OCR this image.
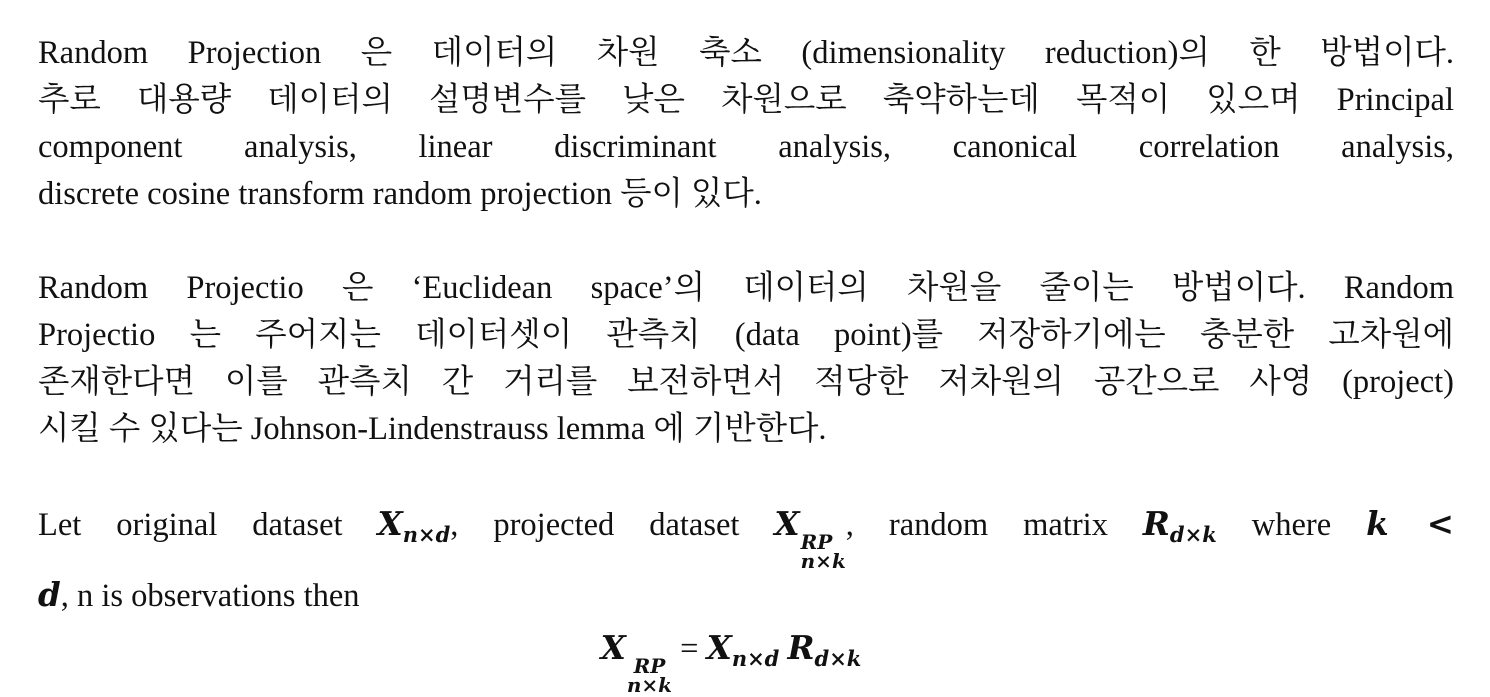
Random Projection 은 데이터의 차원 축소 (dimensionality reduction)의 한 방법이다.
추로 대용량 데이터의 설명변수를 낮은 차원으로 축약하는데 목적이 있으며 Principal
component analysis, linear discriminant analysis, canonical correlation analysis,
discrete cosine transform random projection 등이 있다.

Random Projectio 은 ‘Euclidean space’의 데이터의 차원을 줄이는 방법이다. Random
Projectio 는 주어지는 데이터셋이 관측치 (data point)를 저장하기에는 충분한 고차원에
존재한다면 이를 관측치 간 거리를 보전하면서 적당한 저차원의 공간으로 사영 (project)
시킬 수 있다는 Johnson-Lindenstrauss lemma 에 기반한다.

Let original dataset $X_{n\times d}$, projected dataset X RP
n×k
, random matrix $R_{d\times k}$ where k <
d, n is observations then

X RP
n×k
= $X_{n\times d}$ $R_{d\times k}$
